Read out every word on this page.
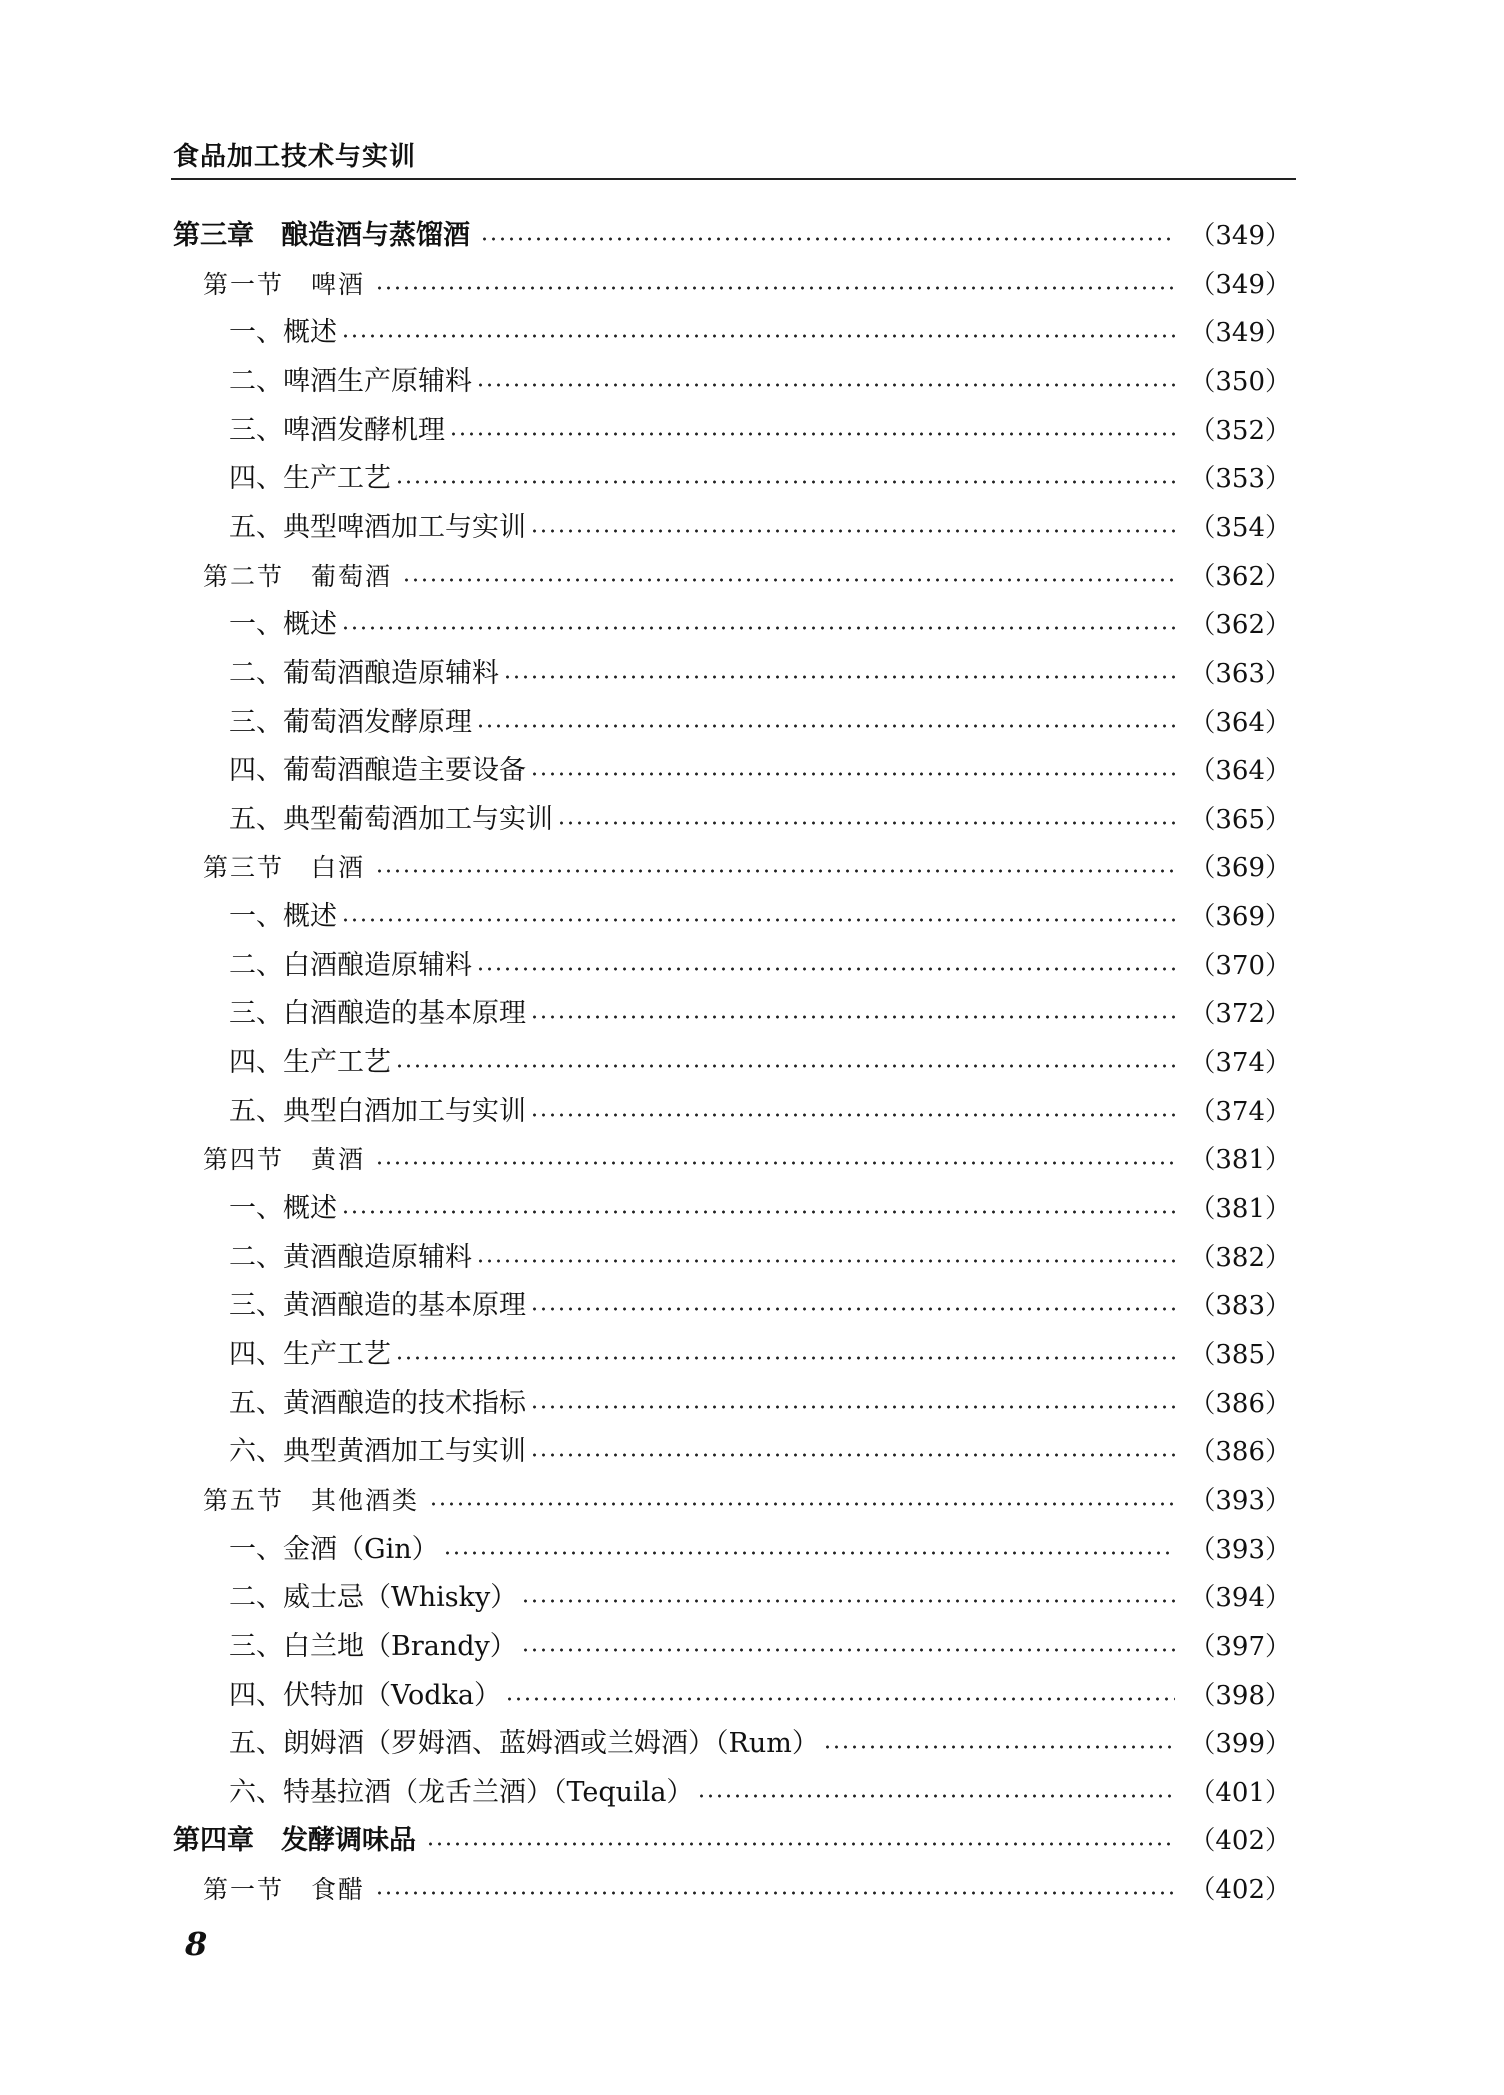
食品加工技术与实训
第三章　酿造酒与蒸馏酒	（349）
第一节　啤酒	（349）
一、概述	（349）
二、啤酒生产原辅料	（350）
三、啤酒发酵机理	（352）
四、生产工艺	（353）
五、典型啤酒加工与实训	（354）
第二节　葡萄酒	（362）
一、概述	（362）
二、葡萄酒酿造原辅料	（363）
三、葡萄酒发酵原理	（364）
四、葡萄酒酿造主要设备	（364）
五、典型葡萄酒加工与实训	（365）
第三节　白酒	（369）
一、概述	（369）
二、白酒酿造原辅料	（370）
三、白酒酿造的基本原理	（372）
四、生产工艺	（374）
五、典型白酒加工与实训	（374）
第四节　黄酒	（381）
一、概述	（381）
二、黄酒酿造原辅料	（382）
三、黄酒酿造的基本原理	（383）
四、生产工艺	（385）
五、黄酒酿造的技术指标	（386）
六、典型黄酒加工与实训	（386）
第五节　其他酒类	（393）
一、金酒（Gin）	（393）
二、威士忌（Whisky）	（394）
三、白兰地（Brandy）	（397）
四、伏特加（Vodka）	（398）
五、朗姆酒（罗姆酒、蓝姆酒或兰姆酒）（Rum）	（399）
六、特基拉酒（龙舌兰酒）（Tequila）	（401）
第四章　发酵调味品	（402）
第一节　食醋	（402）
8
